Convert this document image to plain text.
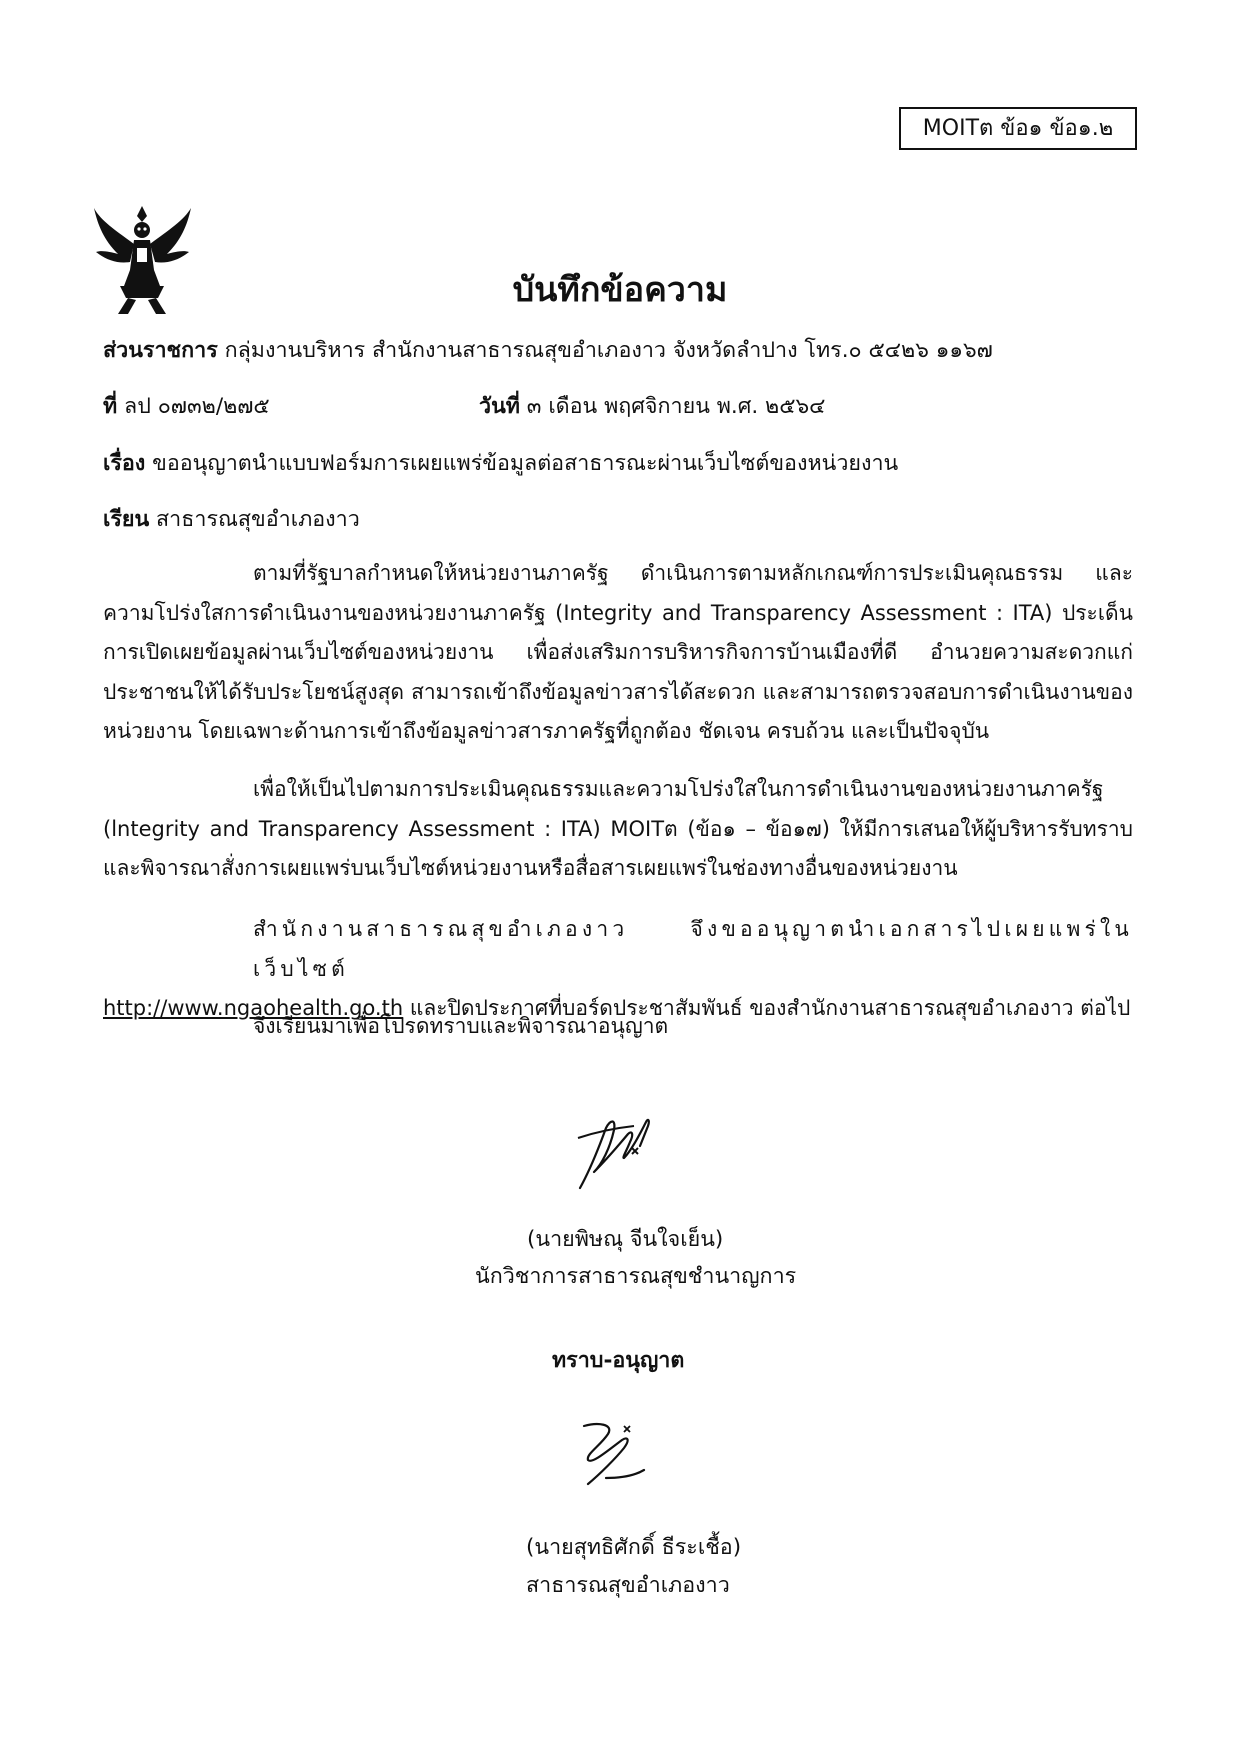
MOITต ข้อ๑ ข้อ๑.๒
บันทึกข้อความ
ส่วนราชการ กลุ่มงานบริหาร สำนักงานสาธารณสุขอำเภองาว จังหวัดลำปาง โทร.๐ ๕๔๒๖ ๑๑๖๗
ที่ ลป ๐๗๓๒/๒๗๕	วันที่ ๓ เดือน พฤศจิกายน พ.ศ. ๒๕๖๔
เรื่อง ขออนุญาตนำแบบฟอร์มการเผยแพร่ข้อมูลต่อสาธารณะผ่านเว็บไซต์ของหน่วยงาน
เรียน สาธารณสุขอำเภองาว
ตามที่รัฐบาลกำหนดให้หน่วยงานภาครัฐ ดำเนินการตามหลักเกณฑ์การประเมินคุณธรรม และความโปร่งใสการดำเนินงานของหน่วยงานภาครัฐ (Integrity and Transparency Assessment : ITA) ประเด็นการเปิดเผยข้อมูลผ่านเว็บไซต์ของหน่วยงาน เพื่อส่งเสริมการบริหารกิจการบ้านเมืองที่ดี อำนวยความสะดวกแก่ประชาชนให้ได้รับประโยชน์สูงสุด สามารถเข้าถึงข้อมูลข่าวสารได้สะดวก และสามารถตรวจสอบการดำเนินงานของหน่วยงาน โดยเฉพาะด้านการเข้าถึงข้อมูลข่าวสารภาครัฐที่ถูกต้อง ชัดเจน ครบถ้วน และเป็นปัจจุบัน
เพื่อให้เป็นไปตามการประเมินคุณธรรมและความโปร่งใสในการดำเนินงานของหน่วยงานภาครัฐ (lntegrity and Transparency Assessment : ITA) MOITต (ข้อ๑ – ข้อ๑๗) ให้มีการเสนอให้ผู้บริหารรับทราบและพิจารณาสั่งการเผยแพร่บนเว็บไซต์หน่วยงานหรือสื่อสารเผยแพร่ในช่องทางอื่นของหน่วยงาน
สำนักงานสาธารณสุขอำเภองาว จึงขออนุญาตนำเอกสารไปเผยแพร่ในเว็บไซต์
http://www.ngaohealth.go.th และปิดประกาศที่บอร์ดประชาสัมพันธ์ ของสำนักงานสาธารณสุขอำเภองาว ต่อไป
จึงเรียนมาเพื่อโปรดทราบและพิจารณาอนุญาต
(นายพิษณุ จีนใจเย็น)
นักวิชาการสาธารณสุขชำนาญการ
ทราบ-อนุญาต
(นายสุทธิศักดิ์ ธีระเชื้อ)
สาธารณสุขอำเภองาว
